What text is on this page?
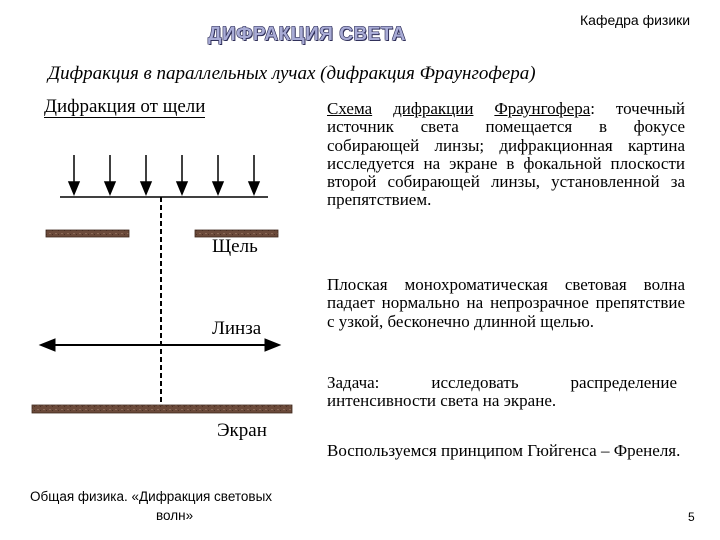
Кафедра физики
ДИФРАКЦИЯ СВЕТА
Дифракция в параллельных лучах (дифракция Фраунгофера)
Дифракция от щели
Щель
Линза
Экран
Схема дифракции Фраунгофера: точечный источник света помещается в фокусе собирающей линзы; дифракционная картина исследуется на экране в фокальной плоскости второй собирающей линзы, установленной за препятствием.
Плоская монохроматическая световая волна падает нормально на непрозрачное препятствие с узкой, бесконечно длинной щелью.
Задача: исследовать распределение интенсивности света на экране.
Воспользуемся принципом Гюйгенса – Френеля.
Общая физика. «Дифракция световых
волн»	5
